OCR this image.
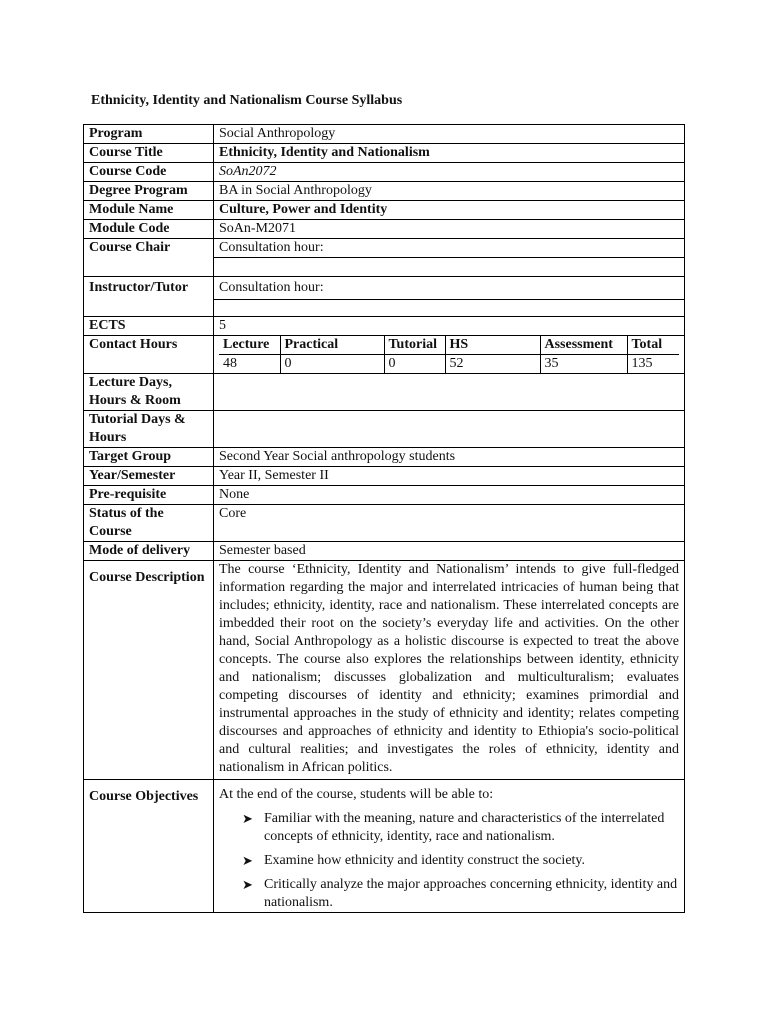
Ethnicity, Identity and Nationalism Course Syllabus
Program	Social Anthropology
Course Title	Ethnicity, Identity and Nationalism
Course Code	SoAn2072
Degree Program	BA in Social Anthropology
Module Name	Culture, Power and Identity
Module Code	SoAn-M2071
Course Chair	Consultation hour:

Instructor/Tutor	Consultation hour:

ECTS	5
Contact Hours		Lecture	Practical	Tutorial	HS	Assessment	Total
48	0	0	52	35	135

Lecture Days, Hours & Room	
Tutorial Days & Hours	
Target Group	Second Year Social anthropology students
Year/Semester	Year II, Semester II
Pre-requisite	None
Status of the Course	Core
Mode of delivery	Semester based
Course Description	The course ‘Ethnicity, Identity and Nationalism’ intends to give full-fledged information regarding the major and interrelated intricacies of human being that includes; ethnicity, identity, race and nationalism. These interrelated concepts are imbedded their root on the society’s everyday life and activities. On the other hand, Social Anthropology as a holistic discourse is expected to treat the above concepts. The course also explores the relationships between identity, ethnicity and nationalism; discusses globalization and multiculturalism; evaluates competing discourses of identity and ethnicity; examines primordial and instrumental approaches in the study of ethnicity and identity; relates competing discourses and approaches of ethnicity and identity to Ethiopia's socio-political and cultural realities; and investigates the roles of ethnicity, identity and nationalism in African politics.
Course Objectives	At the end of the course, students will be able to:
➤ Familiar with the meaning, nature and characteristics of the interrelated concepts of ethnicity, identity, race and nationalism.
➤ Examine how ethnicity and identity construct the society.
➤ Critically analyze the major approaches concerning ethnicity, identity and nationalism.
